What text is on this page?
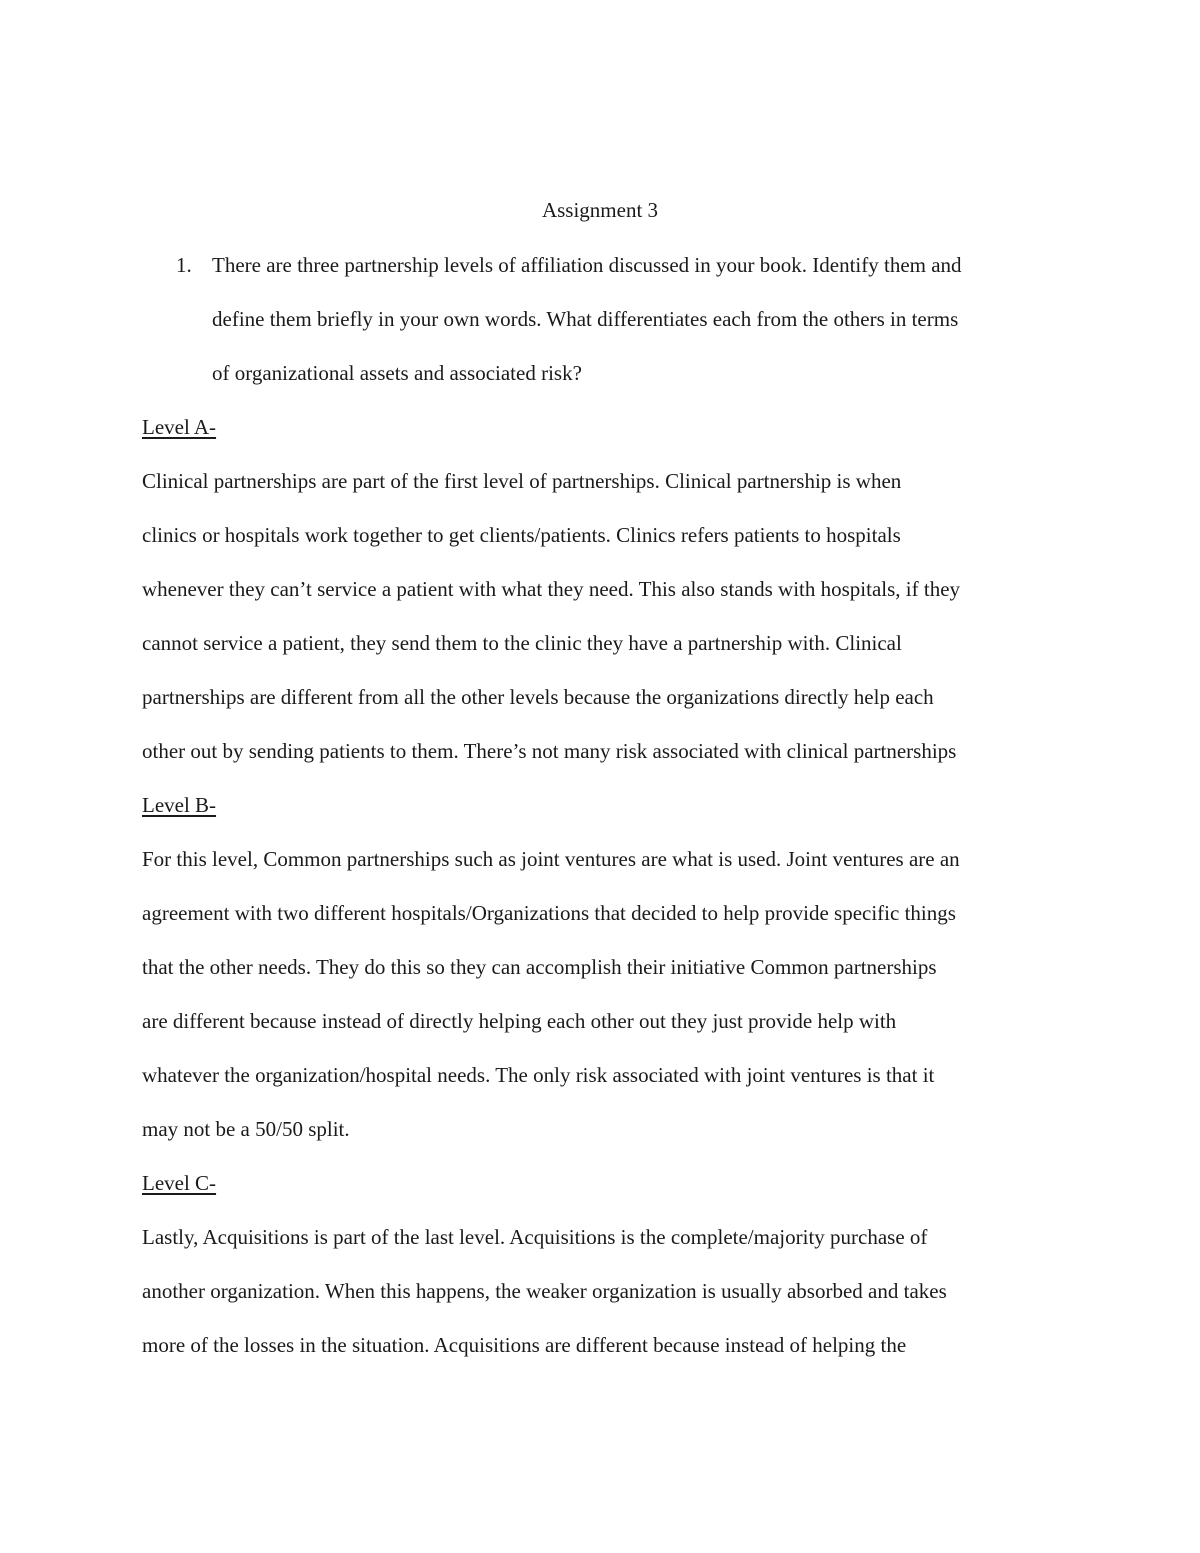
Assignment 3
1. There are three partnership levels of affiliation discussed in your book. Identify them and
define them briefly in your own words. What differentiates each from the others in terms
of organizational assets and associated risk?
Level A-
Clinical partnerships are part of the first level of partnerships. Clinical partnership is when
clinics or hospitals work together to get clients/patients. Clinics refers patients to hospitals
whenever they can’t service a patient with what they need. This also stands with hospitals, if they
cannot service a patient, they send them to the clinic they have a partnership with. Clinical
partnerships are different from all the other levels because the organizations directly help each
other out by sending patients to them. There’s not many risk associated with clinical partnerships
Level B-
For this level, Common partnerships such as joint ventures are what is used. Joint ventures are an
agreement with two different hospitals/Organizations that decided to help provide specific things
that the other needs. They do this so they can accomplish their initiative Common partnerships
are different because instead of directly helping each other out they just provide help with
whatever the organization/hospital needs. The only risk associated with joint ventures is that it
may not be a 50/50 split.
Level C-
Lastly, Acquisitions is part of the last level. Acquisitions is the complete/majority purchase of
another organization. When this happens, the weaker organization is usually absorbed and takes
more of the losses in the situation. Acquisitions are different because instead of helping the
